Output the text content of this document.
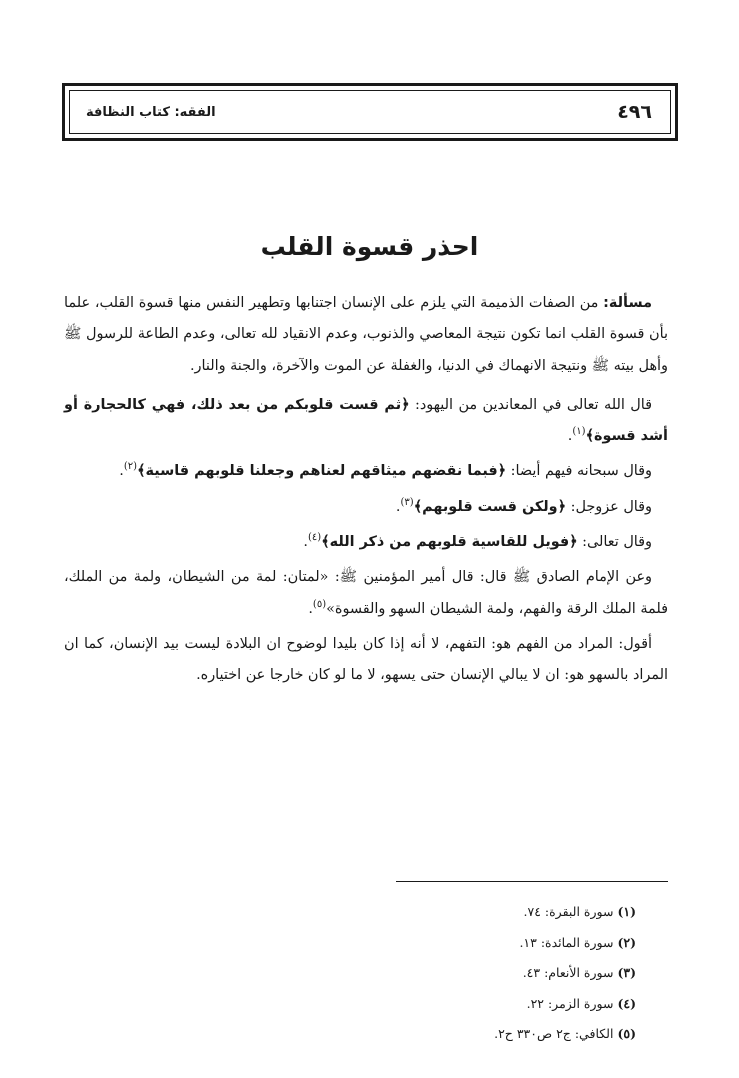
٤٩٦
الفقه: كتاب النظافة
احذر قسوة القلب

مسألة: من الصفات الذميمة التي يلزم على الإنسان اجتنابها وتطهير النفس منها قسوة القلب، علما بأن قسوة القلب انما تكون نتيجة المعاصي والذنوب، وعدم الانقياد لله تعالى، وعدم الطاعة للرسول ﷺ وأهل بيته ﷺ ونتيجة الانهماك في الدنيا، والغفلة عن الموت والآخرة، والجنة والنار.

قال الله تعالى في المعاندين من اليهود: ﴿ثم قست قلوبكم من بعد ذلك، فهي كالحجارة أو أشد قسوة﴾$^{(١)}$.

وقال سبحانه فيهم أيضا: ﴿فبما نقضهم ميثاقهم لعناهم وجعلنا قلوبهم قاسية﴾$^{(٢)}$.

وقال عزوجل: ﴿ولكن قست قلوبهم﴾$^{(٣)}$.

وقال تعالى: ﴿فويل للقاسية قلوبهم من ذكر الله﴾$^{(٤)}$.

وعن الإمام الصادق ﷺ قال: قال أمير المؤمنين ﷺ: «لمتان: لمة من الشيطان، ولمة من الملك، فلمة الملك الرقة والفهم، ولمة الشيطان السهو والقسوة»$^{(٥)}$.

أقول: المراد من الفهم هو: التفهم، لا أنه إذا كان بليدا لوضوح ان البلادة ليست بيد الإنسان، كما ان المراد بالسهو هو: ان لا يبالي الإنسان حتى يسهو، لا ما لو كان خارجا عن اختياره.

(١) سورة البقرة: ٧٤.
(٢) سورة المائدة: ١٣.
(٣) سورة الأنعام: ٤٣.
(٤) سورة الزمر: ٢٢.
(٥) الكافي: ج٢ ص٣٣٠ ح٢.
